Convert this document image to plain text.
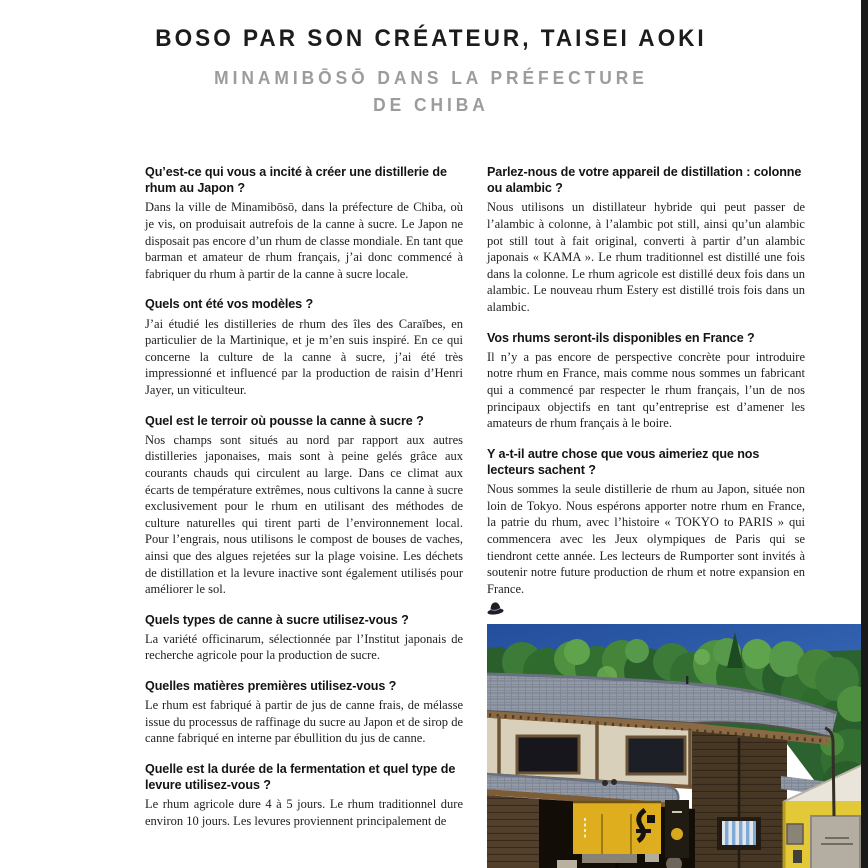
BOSO PAR SON CRÉATEUR, TAISEI AOKI
MINAMIBŌSŌ DANS LA PRÉFECTURE
DE CHIBA
Qu’est-ce qui vous a incité à créer une distillerie de rhum au Japon ?
Dans la ville de Minamibōsō, dans la préfecture de Chiba, où je vis, on produisait autrefois de la canne à sucre. Le Japon ne disposait pas encore d’un rhum de classe mondiale. En tant que barman et amateur de rhum français, j’ai donc commencé à fabriquer du rhum à partir de la canne à sucre locale.
Quels ont été vos modèles ?
J’ai étudié les distilleries de rhum des îles des Caraïbes, en particulier de la Martinique, et je m’en suis inspiré. En ce qui concerne la culture de la canne à sucre, j’ai été très impressionné et influencé par la production de raisin d’Henri Jayer, un viticulteur.
Quel est le terroir où pousse la canne à sucre ?
Nos champs sont situés au nord par rapport aux autres distilleries japonaises, mais sont à peine gelés grâce aux courants chauds qui circulent au large. Dans ce climat aux écarts de température extrêmes, nous cultivons la canne à sucre exclusivement pour le rhum en utilisant des méthodes de culture naturelles qui tirent parti de l’environnement local. Pour l’engrais, nous utilisons le compost de bouses de vaches, ainsi que des algues rejetées sur la plage voisine. Les déchets de distillation et la levure inactive sont également utilisés pour améliorer le sol.
Quels types de canne à sucre utilisez-vous ?
La variété officinarum, sélectionnée par l’Institut japonais de recherche agricole pour la production de sucre.
Quelles matières premières utilisez-vous ?
Le rhum est fabriqué à partir de jus de canne frais, de mélasse issue du processus de raffinage du sucre au Japon et de sirop de canne fabriqué en interne par ébullition du jus de canne.
Quelle est la durée de la fermentation et quel type de levure utilisez-vous ?
Le rhum agricole dure 4 à 5 jours. Le rhum traditionnel dure environ 10 jours. Les levures proviennent principalement de
Parlez-nous de votre appareil de distillation : colonne ou alambic ?
Nous utilisons un distillateur hybride qui peut passer de l’alambic à colonne, à l’alambic pot still, ainsi qu’un alambic pot still tout à fait original, converti à partir d’un alambic japonais « KAMA ». Le rhum traditionnel est distillé une fois dans la colonne. Le rhum agricole est distillé deux fois dans un alambic. Le nouveau rhum Estery est distillé trois fois dans un alambic.
Vos rhums seront-ils disponibles en France ?
Il n’y a pas encore de perspective concrète pour introduire notre rhum en France, mais comme nous sommes un fabricant qui a commencé par respecter le rhum français, l’un de nos principaux objectifs en tant qu’entreprise est d’amener les amateurs de rhum français à le boire.
Y a-t-il autre chose que vous aimeriez que nos lecteurs sachent ?
Nous sommes la seule distillerie de rhum au Japon, située non loin de Tokyo. Nous espérons apporter notre rhum en France, la patrie du rhum, avec l’histoire « TOKYO to PARIS » qui commencera avec les Jeux olympiques de Paris qui se tiendront cette année. Les lecteurs de Rumporter sont invités à soutenir notre future production de rhum et notre expansion en France.
